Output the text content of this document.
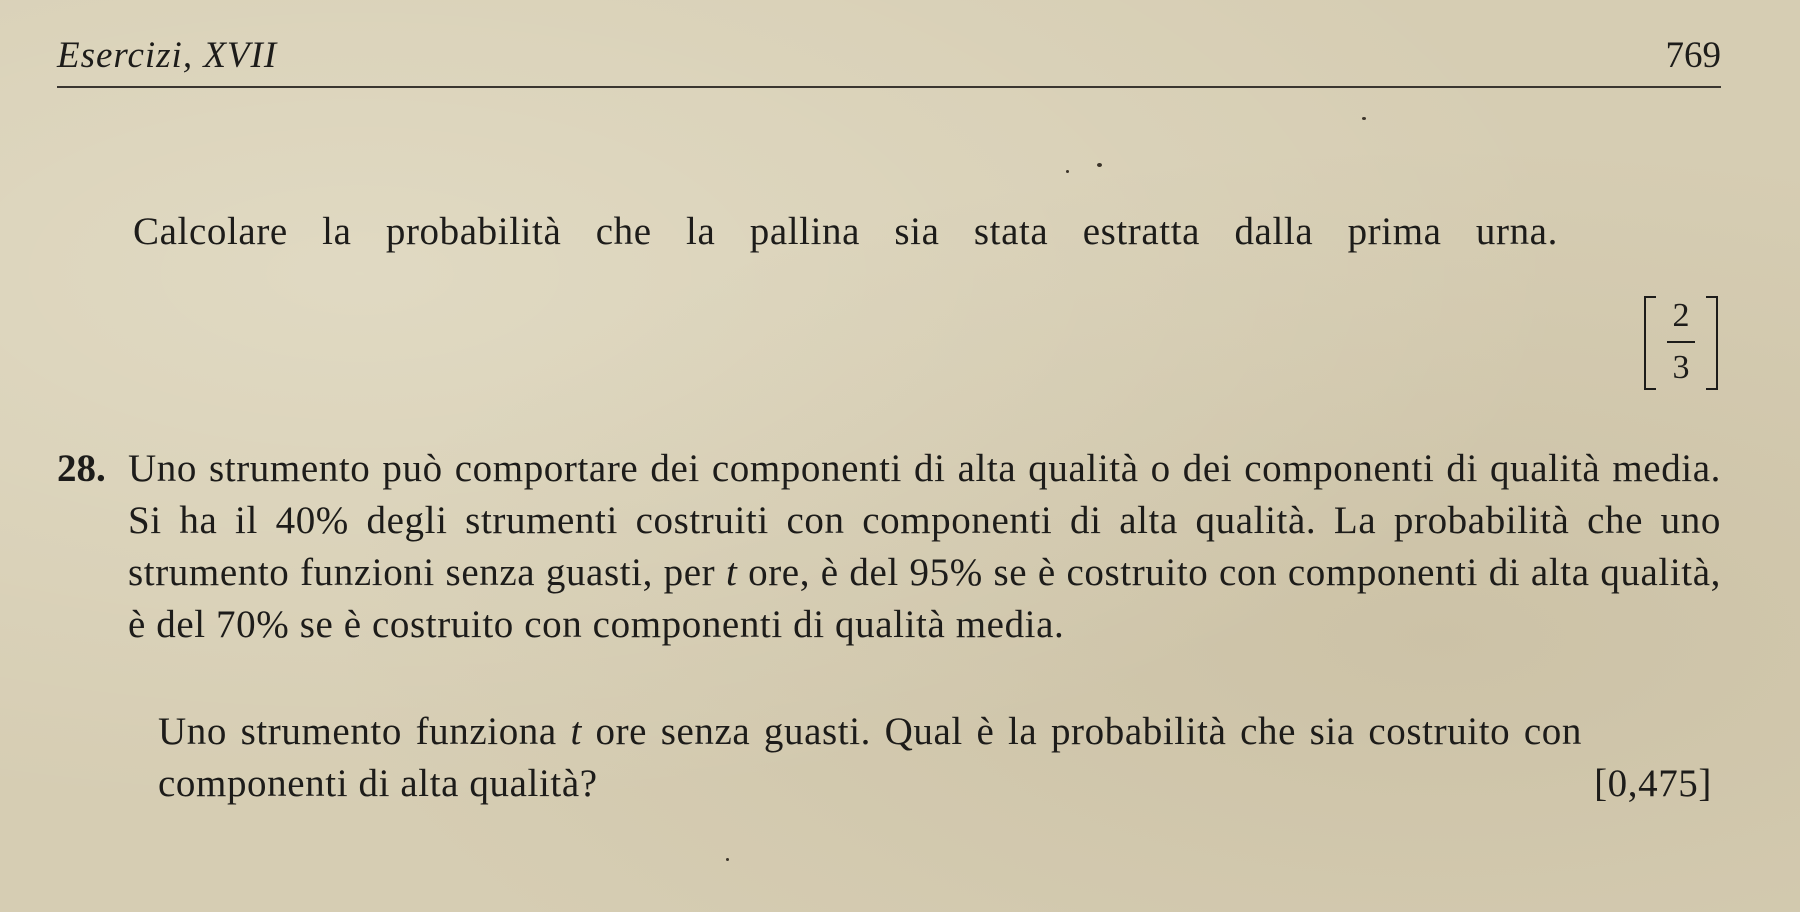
Esercizi, XVII	769

Calcolare la probabilità che la pallina sia stata estratta dalla prima urna.

2
3
28. Uno strumento può comportare dei componenti di alta qualità o dei componenti di qualità media. Si ha il 40% degli strumenti costruiti con componenti di alta qualità. La probabilità che uno strumento funzioni senza guasti, per t ore, è del 95% se è costruito con componenti di alta qualità, è del 70% se è costruito con componenti di qualità media.

Uno strumento funziona t ore senza guasti. Qual è la probabilità che sia costruito con componenti di alta qualità?	[0,475]
